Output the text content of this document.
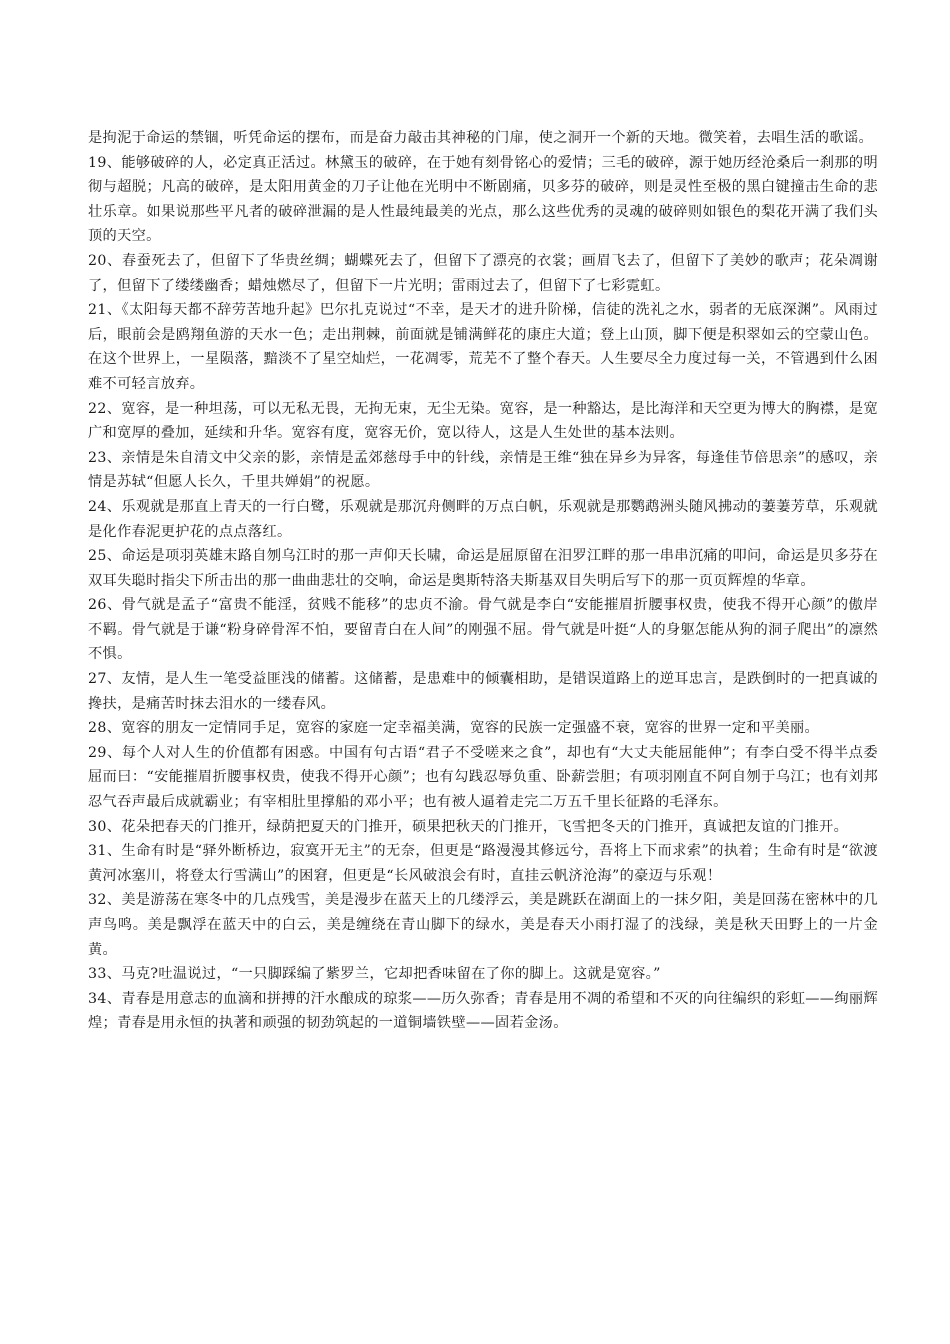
是拘泥于命运的禁锢，听凭命运的摆布，而是奋力敲击其神秘的门扉，使之洞开一个新的天地。微笑着，去唱生活的歌谣。

19、能够破碎的人，必定真正活过。林黛玉的破碎，在于她有刻骨铭心的爱情；三毛的破碎，源于她历经沧桑后一刹那的明彻与超脱；凡高的破碎，是太阳用黄金的刀子让他在光明中不断剧痛，贝多芬的破碎，则是灵性至极的黑白键撞击生命的悲壮乐章。如果说那些平凡者的破碎泄漏的是人性最纯最美的光点，那么这些优秀的灵魂的破碎则如银色的梨花开满了我们头顶的天空。

20、春蚕死去了，但留下了华贵丝绸；蝴蝶死去了，但留下了漂亮的衣裳；画眉飞去了，但留下了美妙的歌声；花朵凋谢了，但留下了缕缕幽香；蜡烛燃尽了，但留下一片光明；雷雨过去了，但留下了七彩霓虹。

21、《太阳每天都不辞劳苦地升起》巴尔扎克说过“不幸，是天才的进升阶梯，信徒的洗礼之水，弱者的无底深渊”。风雨过后，眼前会是鸥翔鱼游的天水一色；走出荆棘，前面就是铺满鲜花的康庄大道；登上山顶，脚下便是积翠如云的空蒙山色。在这个世界上，一星陨落，黯淡不了星空灿烂，一花凋零，荒芜不了整个春天。人生要尽全力度过每一关，不管遇到什么困难不可轻言放弃。

22、宽容，是一种坦荡，可以无私无畏，无拘无束，无尘无染。宽容，是一种豁达，是比海洋和天空更为博大的胸襟，是宽广和宽厚的叠加，延续和升华。宽容有度，宽容无价，宽以待人，这是人生处世的基本法则。

23、亲情是朱自清文中父亲的影，亲情是孟郊慈母手中的针线，亲情是王维“独在异乡为异客，每逢佳节倍思亲”的感叹，亲情是苏轼“但愿人长久，千里共婵娟”的祝愿。

24、乐观就是那直上青天的一行白鹭，乐观就是那沉舟侧畔的万点白帆，乐观就是那鹦鹉洲头随风拂动的萋萋芳草，乐观就是化作春泥更护花的点点落红。

25、命运是项羽英雄末路自刎乌江时的那一声仰天长啸，命运是屈原留在汨罗江畔的那一串串沉痛的叩问，命运是贝多芬在双耳失聪时指尖下所击出的那一曲曲悲壮的交响，命运是奥斯特洛夫斯基双目失明后写下的那一页页辉煌的华章。

26、骨气就是孟子“富贵不能淫，贫贱不能移”的忠贞不渝。骨气就是李白“安能摧眉折腰事权贵，使我不得开心颜”的傲岸不羁。骨气就是于谦“粉身碎骨浑不怕，要留青白在人间”的刚强不屈。骨气就是叶挺“人的身躯怎能从狗的洞子爬出”的凛然不惧。

27、友情，是人生一笔受益匪浅的储蓄。这储蓄，是患难中的倾囊相助，是错误道路上的逆耳忠言，是跌倒时的一把真诚的搀扶，是痛苦时抹去泪水的一缕春风。

28、宽容的朋友一定情同手足，宽容的家庭一定幸福美满，宽容的民族一定强盛不衰，宽容的世界一定和平美丽。

29、每个人对人生的价值都有困惑。中国有句古语“君子不受嗟来之食”，却也有“大丈夫能屈能伸”；有李白受不得半点委屈而曰：“安能摧眉折腰事权贵，使我不得开心颜”；也有勾践忍辱负重、卧薪尝胆；有项羽刚直不阿自刎于乌江；也有刘邦忍气吞声最后成就霸业；有宰相肚里撑船的邓小平；也有被人逼着走完二万五千里长征路的毛泽东。

30、花朵把春天的门推开，绿荫把夏天的门推开，硕果把秋天的门推开，飞雪把冬天的门推开，真诚把友谊的门推开。

31、生命有时是“驿外断桥边，寂寞开无主”的无奈，但更是“路漫漫其修远兮，吾将上下而求索”的执着；生命有时是“欲渡黄河冰塞川，将登太行雪满山”的困窘，但更是“长风破浪会有时，直挂云帆济沧海”的豪迈与乐观！

32、美是游荡在寒冬中的几点残雪，美是漫步在蓝天上的几缕浮云，美是跳跃在湖面上的一抹夕阳，美是回荡在密林中的几声鸟鸣。美是飘浮在蓝天中的白云，美是缠绕在青山脚下的绿水，美是春天小雨打湿了的浅绿，美是秋天田野上的一片金黄。

33、马克?吐温说过，“一只脚踩编了紫罗兰，它却把香味留在了你的脚上。这就是宽容。”

34、青春是用意志的血滴和拼搏的汗水酿成的琼浆——历久弥香；青春是用不凋的希望和不灭的向往编织的彩虹——绚丽辉煌；青春是用永恒的执著和顽强的韧劲筑起的一道铜墙铁壁——固若金汤。
